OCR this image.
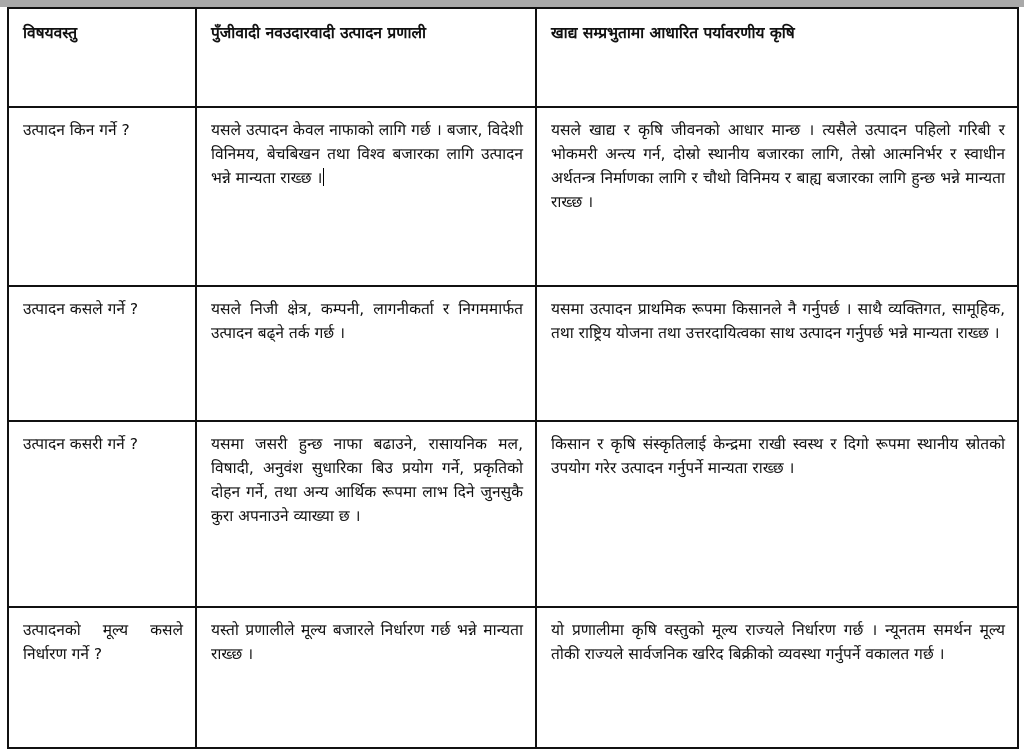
विषयवस्तु	पुँजीवादी नवउदारवादी उत्पादन प्रणाली	खाद्य सम्प्रभुतामा आधारित पर्यावरणीय कृषि
उत्पादन किन गर्ने ?	यसले उत्पादन केवल नाफाको लागि गर्छ । बजार, विदेशी विनिमय, बेचबिखन तथा विश्व बजारका लागि उत्पादन भन्ने मान्यता राख्छ ।	यसले खाद्य र कृषि जीवनको आधार मान्छ । त्यसैले उत्पादन पहिलो गरिबी र भोकमरी अन्त्य गर्न, दोस्रो स्थानीय बजारका लागि, तेस्रो आत्मनिर्भर र स्वाधीन अर्थतन्त्र निर्माणका लागि र चौथो विनिमय र बाह्य बजारका लागि हुन्छ भन्ने मान्यता राख्छ ।
उत्पादन कसले गर्ने ?	यसले निजी क्षेत्र, कम्पनी, लागनीकर्ता र निगममार्फत उत्पादन बढ्ने तर्क गर्छ ।	यसमा उत्पादन प्राथमिक रूपमा किसानले नै गर्नुपर्छ । साथै व्यक्तिगत, सामूहिक, तथा राष्ट्रिय योजना तथा उत्तरदायित्वका साथ उत्पादन गर्नुपर्छ भन्ने मान्यता राख्छ ।
उत्पादन कसरी गर्ने ?	यसमा जसरी हुन्छ नाफा बढाउने, रासायनिक मल, विषादी, अनुवंश सुधारिका बिउ प्रयोग गर्ने, प्रकृतिको दोहन गर्ने, तथा अन्य आर्थिक रूपमा लाभ दिने जुनसुकै कुरा अपनाउने व्याख्या छ ।	किसान र कृषि संस्कृतिलाई केन्द्रमा राखी स्वस्थ र दिगो रूपमा स्थानीय स्रोतको उपयोग गरेर उत्पादन गर्नुपर्ने मान्यता राख्छ ।
उत्पादनको मूल्य कसले निर्धारण गर्ने ?	यस्तो प्रणालीले मूल्य बजारले निर्धारण गर्छ भन्ने मान्यता राख्छ ।	यो प्रणालीमा कृषि वस्तुको मूल्य राज्यले निर्धारण गर्छ । न्यूनतम समर्थन मूल्य तोकी राज्यले सार्वजनिक खरिद बिक्रीको व्यवस्था गर्नुपर्ने वकालत गर्छ ।
